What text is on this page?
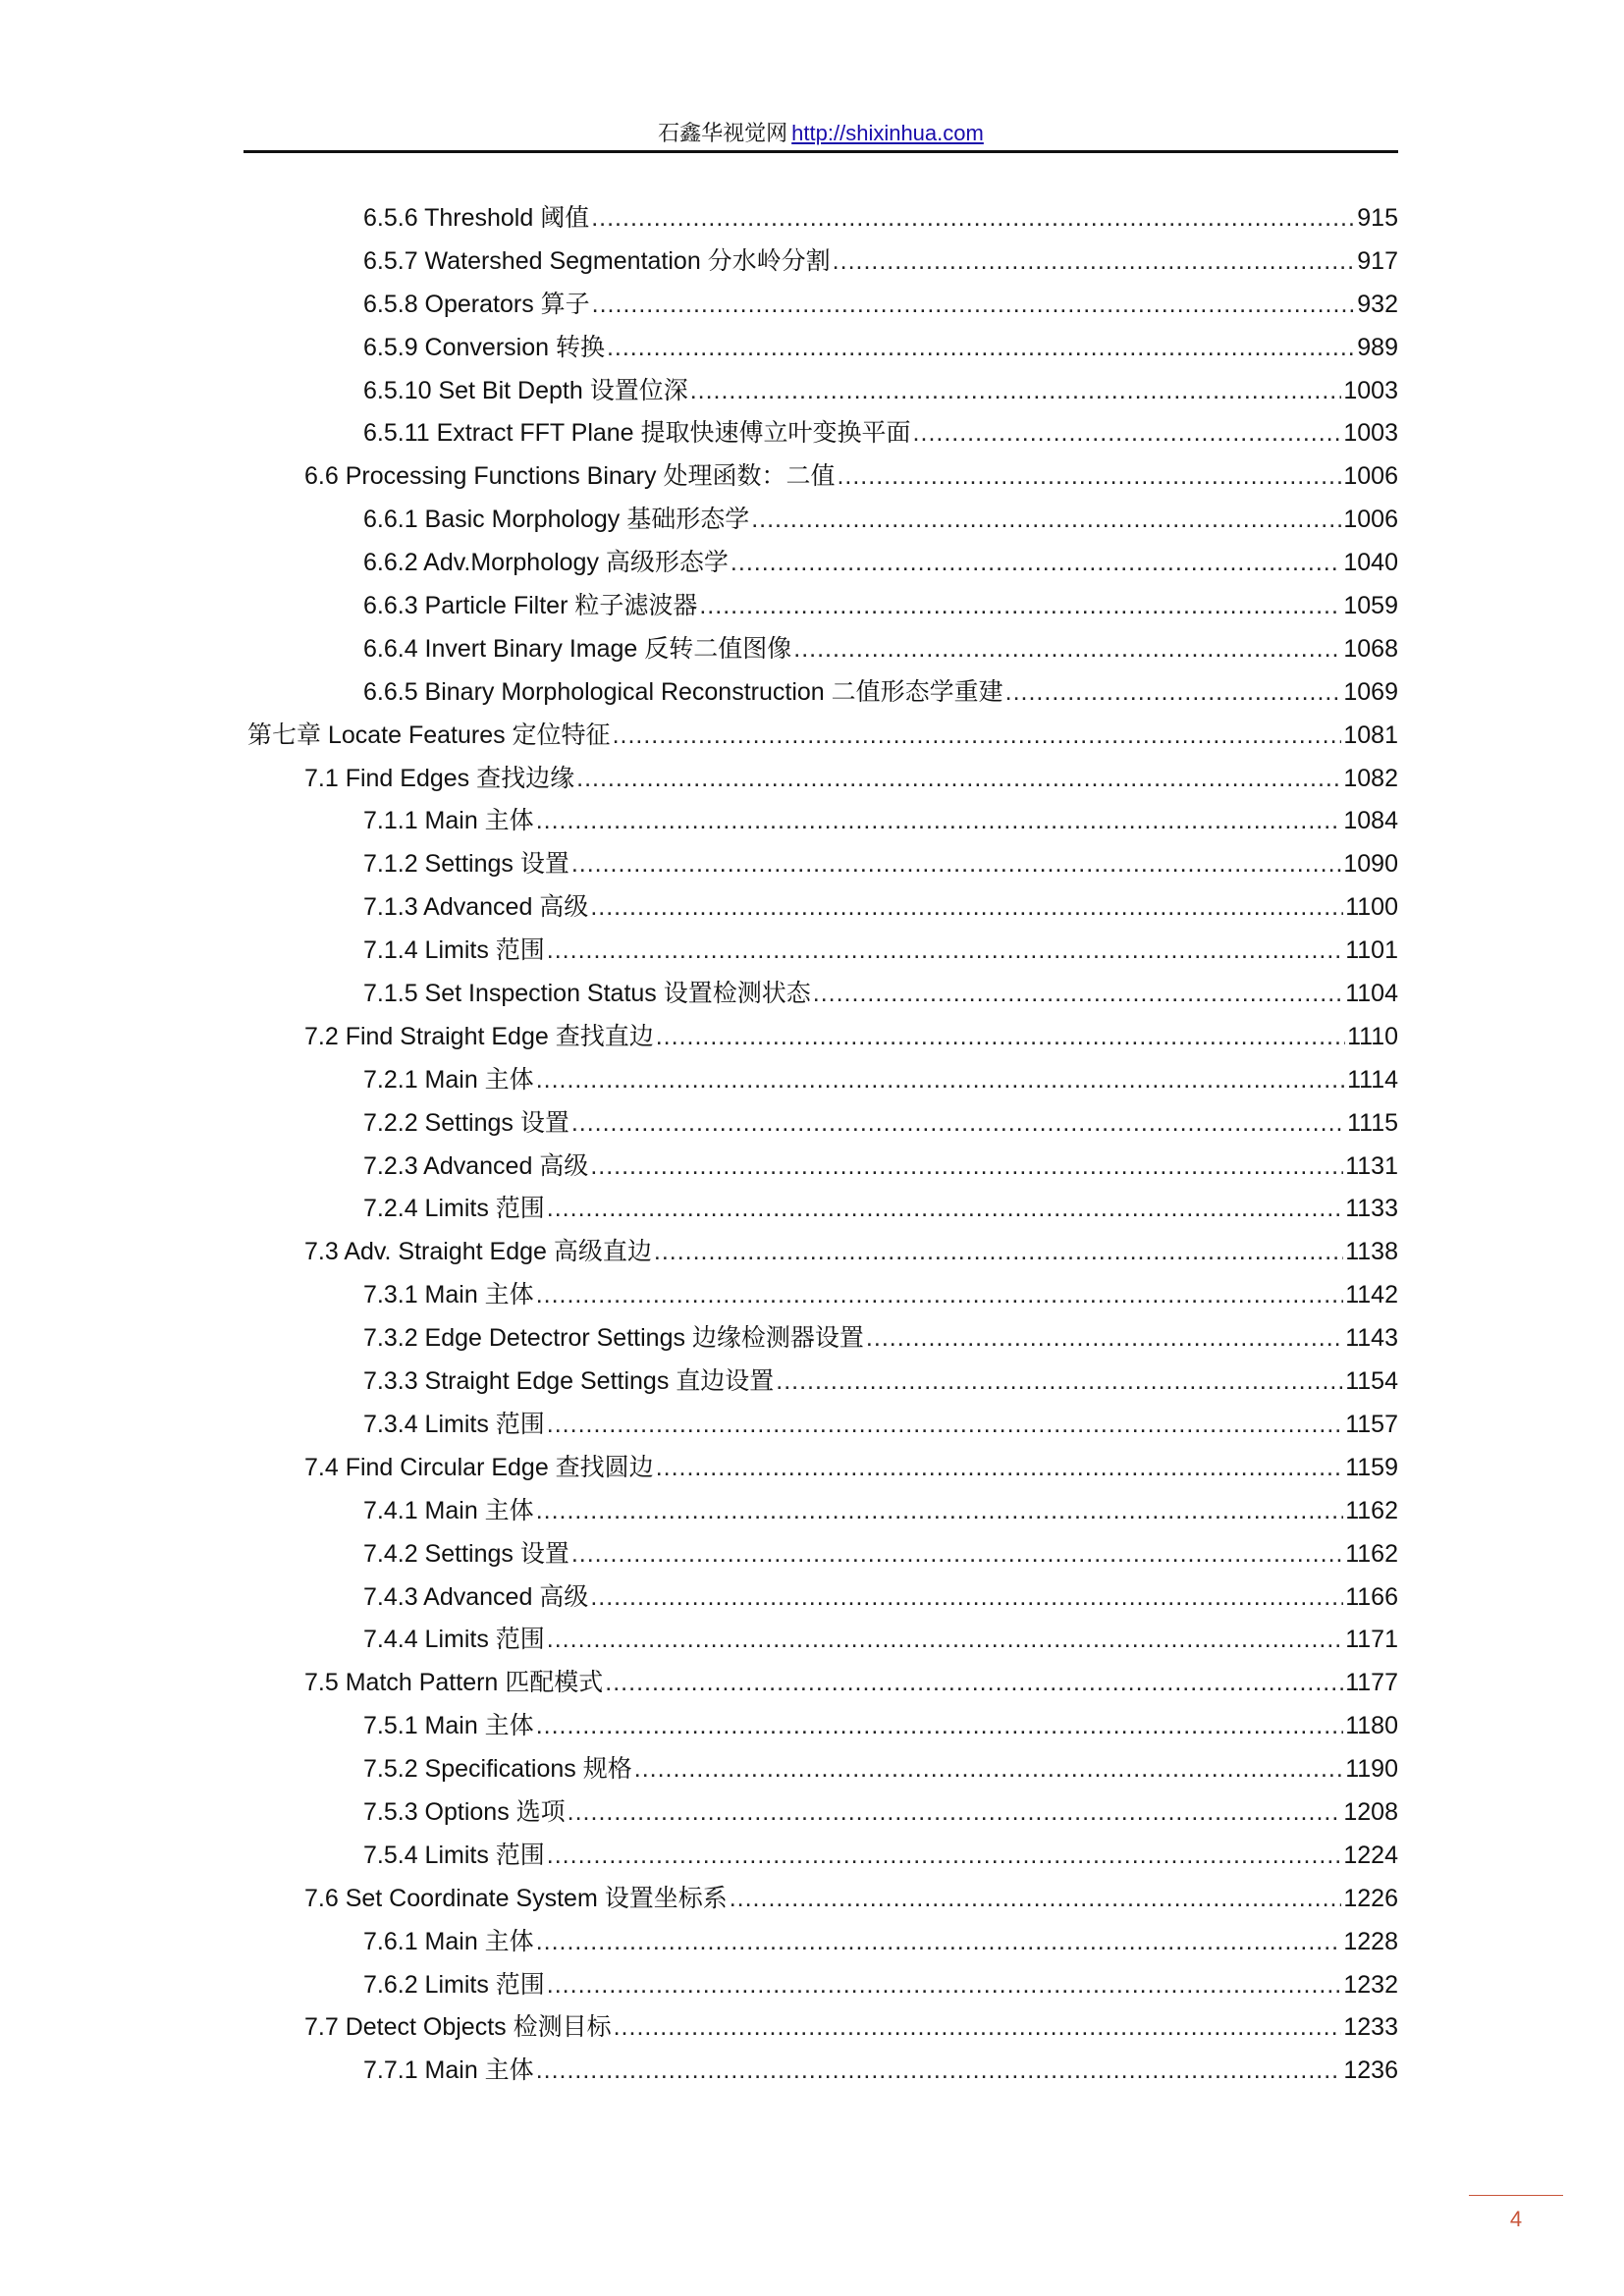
石鑫华视觉网 http://shixinhua.com
6.5.6 Threshold 阈值 .....	915
6.5.7 Watershed Segmentation 分水岭分割 .....	917
6.5.8 Operators 算子 .....	932
6.5.9 Conversion 转换 .....	989
6.5.10 Set Bit Depth 设置位深 .....	1003
6.5.11 Extract FFT Plane 提取快速傅立叶变换平面 .....	1003
6.6 Processing Functions Binary 处理函数：二值 .....	1006
6.6.1 Basic Morphology 基础形态学 .....	1006
6.6.2 Adv.Morphology 高级形态学 .....	1040
6.6.3 Particle Filter 粒子滤波器 .....	1059
6.6.4 Invert Binary Image 反转二值图像 .....	1068
6.6.5 Binary Morphological Reconstruction 二值形态学重建 .....	1069
第七章 Locate Features 定位特征 .....	1081
7.1 Find Edges 查找边缘 .....	1082
7.1.1 Main 主体 .....	1084
7.1.2 Settings 设置 .....	1090
7.1.3 Advanced 高级 .....	1100
7.1.4 Limits 范围 .....	1101
7.1.5 Set Inspection Status 设置检测状态 .....	1104
7.2 Find Straight Edge 查找直边 .....	1110
7.2.1 Main 主体 .....	1114
7.2.2 Settings 设置 .....	1115
7.2.3 Advanced 高级 .....	1131
7.2.4 Limits 范围 .....	1133
7.3 Adv. Straight Edge 高级直边 .....	1138
7.3.1 Main 主体 .....	1142
7.3.2 Edge Detectror Settings 边缘检测器设置 .....	1143
7.3.3 Straight Edge Settings 直边设置 .....	1154
7.3.4 Limits 范围 .....	1157
7.4 Find Circular Edge 查找圆边 .....	1159
7.4.1 Main 主体 .....	1162
7.4.2 Settings 设置 .....	1162
7.4.3 Advanced 高级 .....	1166
7.4.4 Limits 范围 .....	1171
7.5 Match Pattern 匹配模式 .....	1177
7.5.1 Main 主体 .....	1180
7.5.2 Specifications 规格 .....	1190
7.5.3 Options 选项 .....	1208
7.5.4 Limits 范围 .....	1224
7.6 Set Coordinate System 设置坐标系 .....	1226
7.6.1 Main 主体 .....	1228
7.6.2 Limits 范围 .....	1232
7.7 Detect Objects 检测目标 .....	1233
7.7.1 Main 主体 .....	1236
4
